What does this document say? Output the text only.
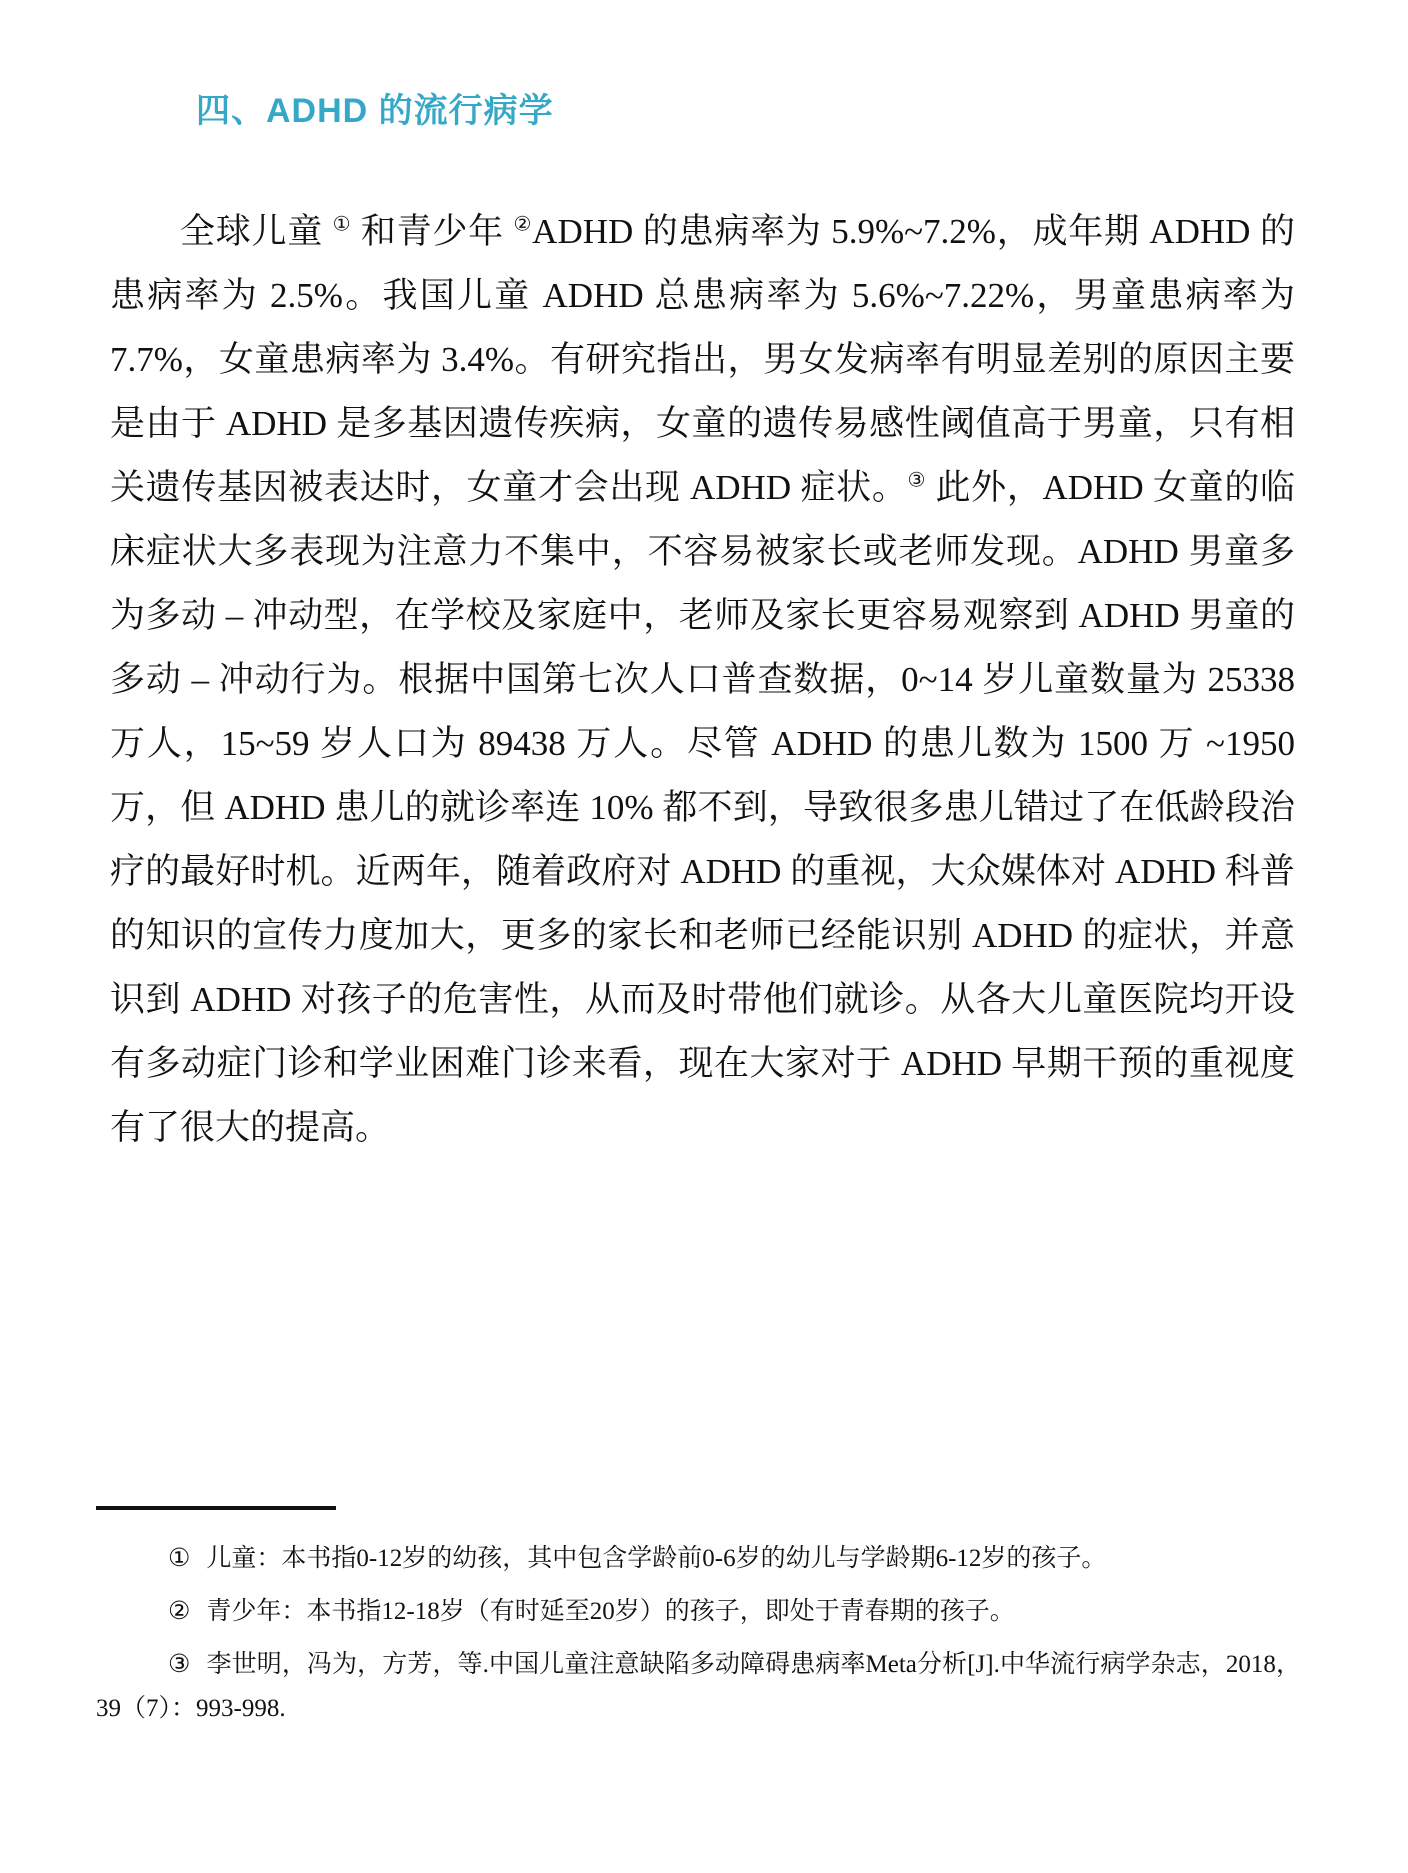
四、ADHD 的流行病学

全球儿童 ① 和青少年 ②ADHD 的患病率为 5.9%~7.2%，成年期 ADHD 的患病率为 2.5%。我国儿童 ADHD 总患病率为 5.6%~7.22%，男童患病率为 7.7%，女童患病率为 3.4%。有研究指出，男女发病率有明显差别的原因主要是由于 ADHD 是多基因遗传疾病，女童的遗传易感性阈值高于男童，只有相关遗传基因被表达时，女童才会出现 ADHD 症状。③ 此外，ADHD 女童的临床症状大多表现为注意力不集中，不容易被家长或老师发现。ADHD 男童多为多动 – 冲动型，在学校及家庭中，老师及家长更容易观察到 ADHD 男童的多动 – 冲动行为。根据中国第七次人口普查数据，0~14 岁儿童数量为 25338 万人，15~59 岁人口为 89438 万人。尽管 ADHD 的患儿数为 1500 万 ~1950 万，但 ADHD 患儿的就诊率连 10% 都不到，导致很多患儿错过了在低龄段治疗的最好时机。近两年，随着政府对 ADHD 的重视，大众媒体对 ADHD 科普的知识的宣传力度加大，更多的家长和老师已经能识别 ADHD 的症状，并意识到 ADHD 对孩子的危害性，从而及时带他们就诊。从各大儿童医院均开设有多动症门诊和学业困难门诊来看，现在大家对于 ADHD 早期干预的重视度有了很大的提高。

① 儿童：本书指0-12岁的幼孩，其中包含学龄前0-6岁的幼儿与学龄期6-12岁的孩子。

② 青少年：本书指12-18岁（有时延至20岁）的孩子，即处于青春期的孩子。

③ 李世明，冯为，方芳，等.中国儿童注意缺陷多动障碍患病率Meta分析[J].中华流行病学杂志，2018，39（7）：993-998.
